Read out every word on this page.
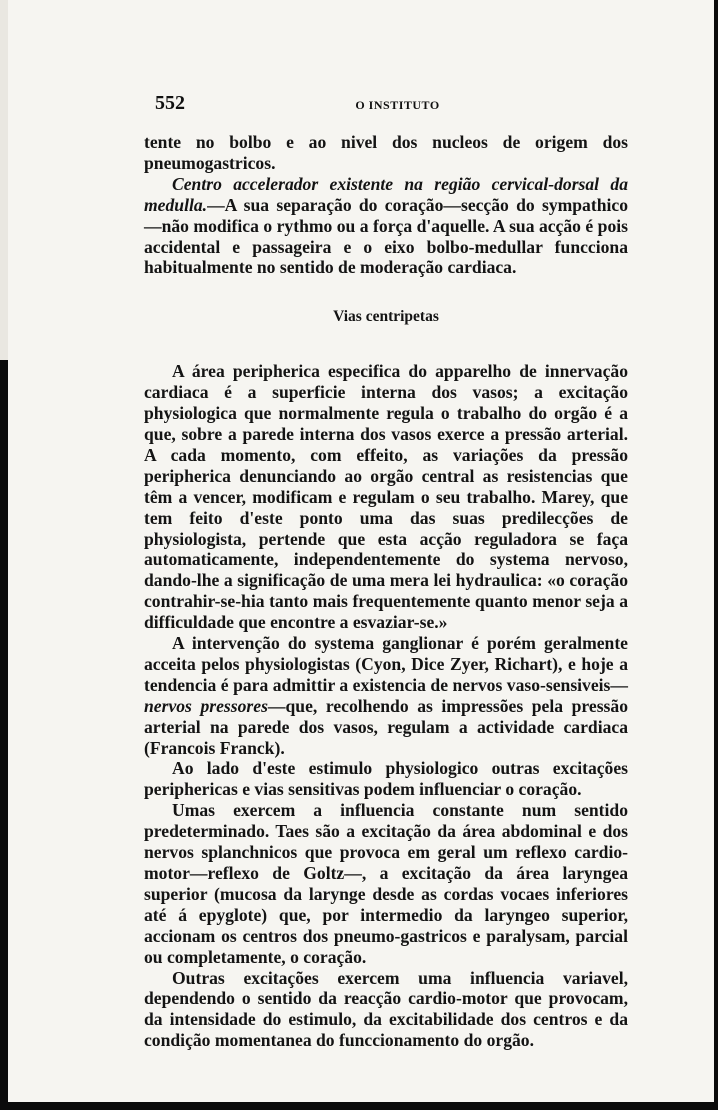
552	O INSTITUTO

tente no bolbo e ao nivel dos nucleos de origem dos pneumogastricos.

Centro accelerador existente na região cervical-dorsal da medulla.—A sua separação do coração—secção do sympathico—não modifica o rythmo ou a força d'aquelle. A sua acção é pois accidental e passageira e o eixo bolbo-medullar funcciona habitualmente no sentido de moderação cardiaca.

Vias centripetas

A área peripherica especifica do apparelho de innervação cardiaca é a superficie interna dos vasos; a excitação physiologica que normalmente regula o trabalho do orgão é a que, sobre a parede interna dos vasos exerce a pressão arterial. A cada momento, com effeito, as variações da pressão peripherica denunciando ao orgão central as resistencias que têm a vencer, modificam e regulam o seu trabalho. Marey, que tem feito d'este ponto uma das suas predilecções de physiologista, pertende que esta acção reguladora se faça automaticamente, independentemente do systema nervoso, dando-lhe a significação de uma mera lei hydraulica: «o coração contrahir-se-hia tanto mais frequentemente quanto menor seja a difficuldade que encontre a esvaziar-se.»

A intervenção do systema ganglionar é porém geralmente acceita pelos physiologistas (Cyon, Dice Zyer, Richart), e hoje a tendencia é para admittir a existencia de nervos vaso-sensiveis—nervos pressores—que, recolhendo as impressões pela pressão arterial na parede dos vasos, regulam a actividade cardiaca (Francois Franck).

Ao lado d'este estimulo physiologico outras excitações periphericas e vias sensitivas podem influenciar o coração.

Umas exercem a influencia constante num sentido predeterminado. Taes são a excitação da área abdominal e dos nervos splanchnicos que provoca em geral um reflexo cardio-motor—reflexo de Goltz—, a excitação da área laryngea superior (mucosa da larynge desde as cordas vocaes inferiores até á epyglote) que, por intermedio da laryngeo superior, accionam os centros dos pneumo-gastricos e paralysam, parcial ou completamente, o coração.

Outras excitações exercem uma influencia variavel, dependendo o sentido da reacção cardio-motor que provocam, da intensidade do estimulo, da excitabilidade dos centros e da condição momentanea do funccionamento do orgão.
